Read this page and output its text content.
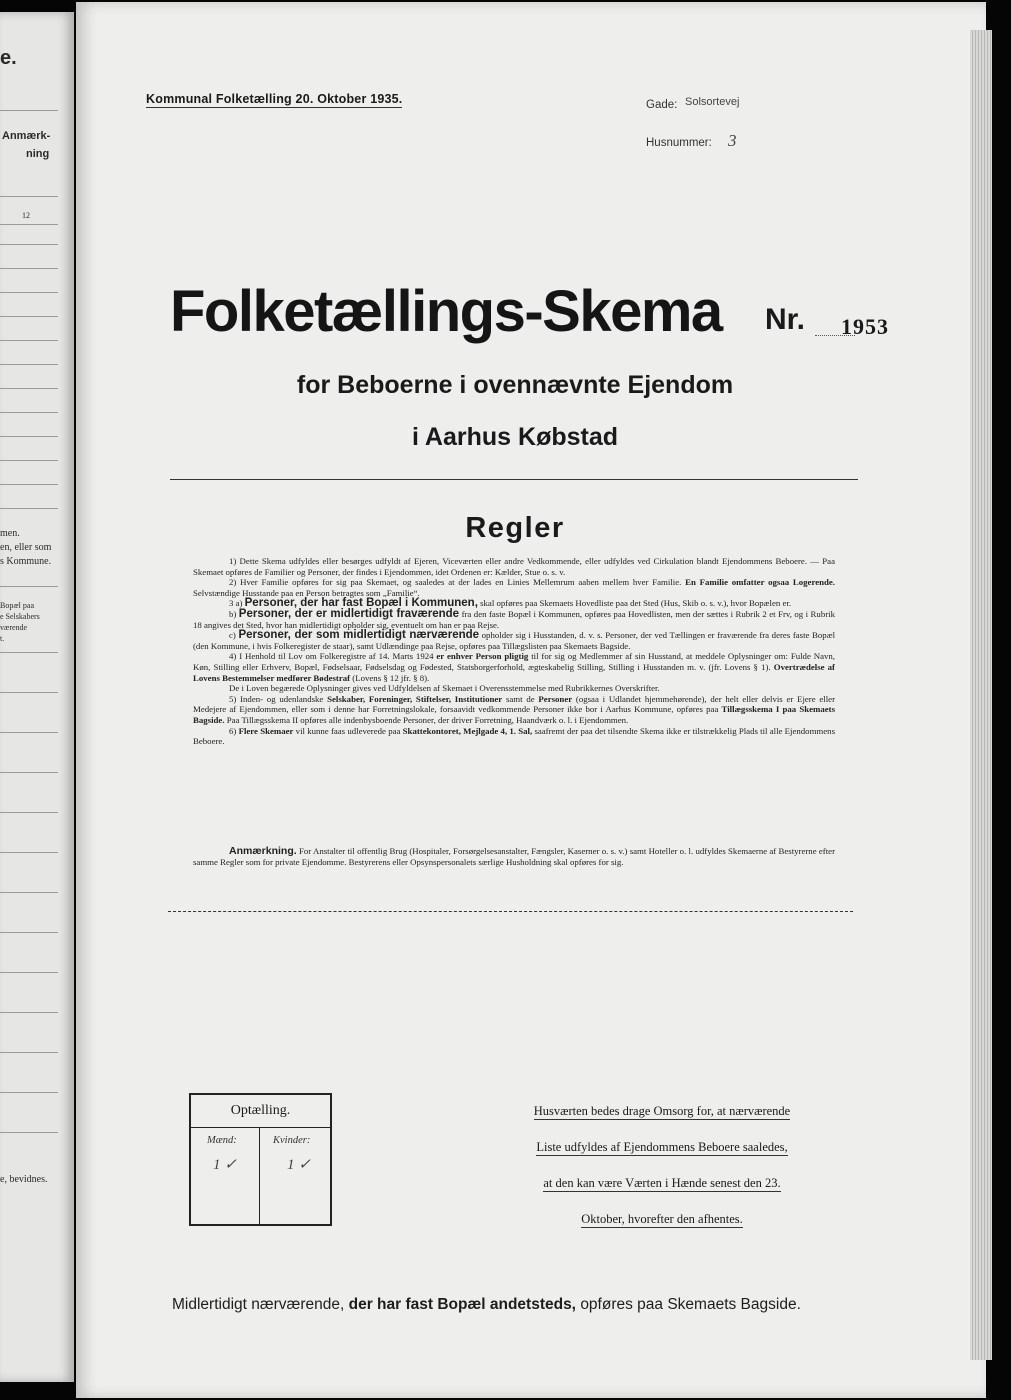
e.
Anmærk-
ning
12
men.
en, eller som
s Kommune.
Bopæl paa
e Selskabers
værende
t.
e, bevidnes.
Kommunal Folketælling 20. Oktober 1935.	Gade: Solsortevej
Husnummer: 3
Folketællings-Skema Nr. 1953
for Beboerne i ovennævnte Ejendom
i Aarhus Købstad
Regler

1) Dette Skema udfyldes eller besørges udfyldt af Ejeren, Viceværten eller andre Vedkommende, eller udfyldes ved Cirkulation blandt Ejendommens Beboere. — Paa Skemaet opføres de Familier og Personer, der findes i Ejendommen, idet Ordenen er: Kælder, Stue o. s. v.

2) Hver Familie opføres for sig paa Skemaet, og saaledes at der lades en Linies Mellemrum aaben mellem hver Familie. En Familie omfatter ogsaa Logerende. Selvstændige Husstande paa en Person betragtes som „Familie“.

3 a) Personer, der har fast Bopæl i Kommunen, skal opføres paa Skemaets Hovedliste paa det Sted (Hus, Skib o. s. v.), hvor Bopælen er.

b) Personer, der er midlertidigt fraværende fra den faste Bopæl i Kommunen, opføres paa Hovedlisten, men der sættes i Rubrik 2 et Frv, og i Rubrik 18 angives det Sted, hvor han midlertidigt opholder sig, eventuelt om han er paa Rejse.

c) Personer, der som midlertidigt nærværende opholder sig i Husstanden, d. v. s. Personer, der ved Tællingen er fraværende fra deres faste Bopæl (den Kommune, i hvis Folkeregister de staar), samt Udlændinge paa Rejse, opføres paa Tillægslisten paa Skemaets Bagside.

4) I Henhold til Lov om Folkeregistre af 14. Marts 1924 er enhver Person pligtig til for sig og Medlemmer af sin Husstand, at meddele Oplysninger om: Fulde Navn, Køn, Stilling eller Erhverv, Bopæl, Fødselsaar, Fødselsdag og Fødested, Statsborgerforhold, ægteskabelig Stilling, Stilling i Husstanden m. v. (jfr. Lovens § 1). Overtrædelse af Lovens Bestemmelser medfører Bødestraf (Lovens § 12 jfr. § 8).

De i Loven begærede Oplysninger gives ved Udfyldelsen af Skemaet i Overensstemmelse med Rubrikkernes Overskrifter.

5) Inden- og udenlandske Selskaber, Foreninger, Stiftelser, Institutioner samt de Personer (ogsaa i Udlandet hjemmehørende), der helt eller delvis er Ejere eller Medejere af Ejendommen, eller som i denne har Forretningslokale, forsaavidt vedkommende Personer ikke bor i Aarhus Kommune, opføres paa Tillægsskema I paa Skemaets Bagside. Paa Tillægsskema II opføres alle indenbysboende Personer, der driver Forretning, Haandværk o. l. i Ejendommen.

6) Flere Skemaer vil kunne faas udleverede paa Skattekontoret, Mejlgade 4, 1. Sal, saafremt der paa det tilsendte Skema ikke er tilstrækkelig Plads til alle Ejendommens Beboere.

Anmærkning. For Anstalter til offentlig Brug (Hospitaler, Forsørgelsesanstalter, Fængsler, Kaserner o. s. v.) samt Hoteller o. l. udfyldes Skemaerne af Bestyrerne efter samme Regler som for private Ejendomme. Bestyrerens eller Opsynspersonalets særlige Husholdning skal opføres for sig.
Optælling.
Mænd:	Kvinder:
1 ✓	1 ✓
Husværten bedes drage Omsorg for, at nærværende
Liste udfyldes af Ejendommens Beboere saaledes,
at den kan være Værten i Hænde senest den 23.
Oktober, hvorefter den afhentes.
Midlertidigt nærværende, der har fast Bopæl andetsteds, opføres paa Skemaets Bagside.
